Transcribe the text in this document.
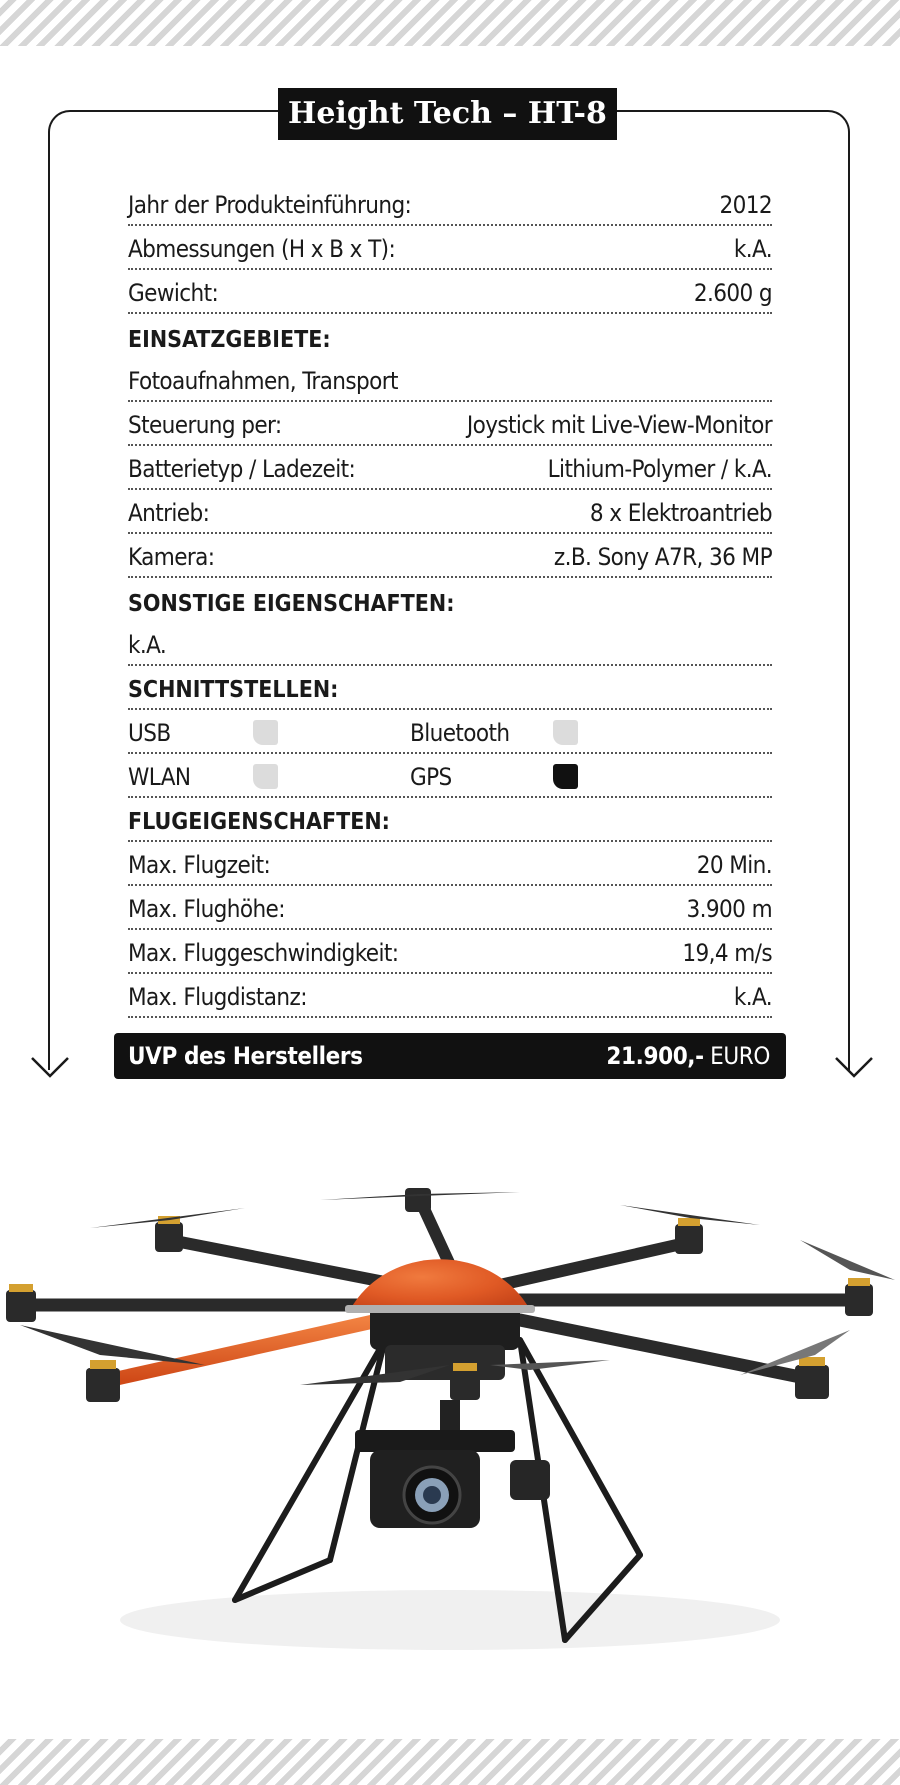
Height Tech – HT-8
Jahr der Produkteinführung:	2012
Abmessungen (H x B x T):	k.A.
Gewicht:	2.600 g
EINSATZGEBIETE:
Fotoaufnahmen, Transport
Steuerung per:	Joystick mit Live-View-Monitor
Batterietyp / Ladezeit:	Lithium-Polymer / k.A.
Antrieb:	8 x Elektroantrieb
Kamera:	z.B. Sony A7R, 36 MP
SONSTIGE EIGENSCHAFTEN:
k.A.
SCHNITTSTELLEN:
USB	Bluetooth
WLAN	GPS
FLUGEIGENSCHAFTEN:
Max. Flugzeit:	20 Min.
Max. Flughöhe:	3.900 m
Max. Fluggeschwindigkeit:	19,4 m/s
Max. Flugdistanz:	k.A.
UVP des Herstellers	21.900,- EURO
